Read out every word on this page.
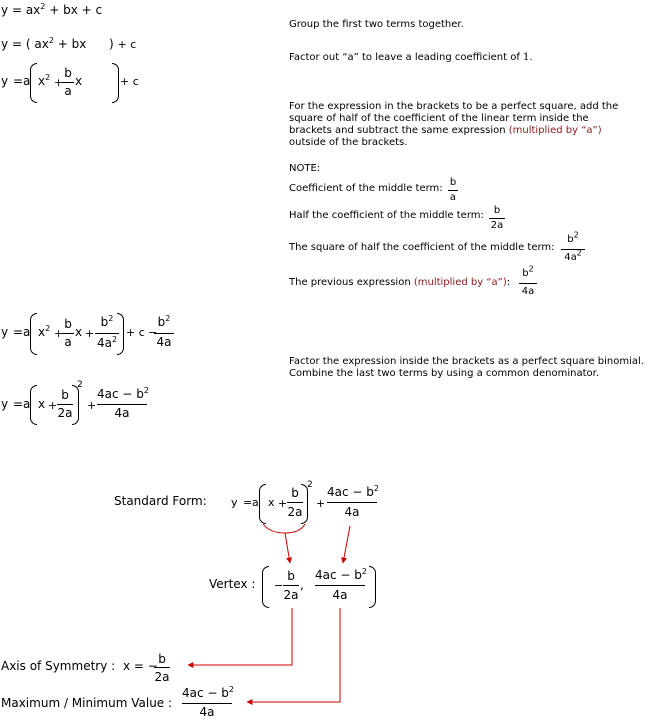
$y = ax^2$ + bx + c
y = ( $ax^2$ + bx ) + c
y = a $x^2$ +
b
a
x	+ c
Group the first two terms together.
Factor out “a” to leave a leading coefficient of 1.
For the expression in the brackets to be a perfect square, add the
square of half of the coefficient of the linear term inside the
brackets and subtract the same expression (multiplied by “a”)
outside of the brackets.
NOTE:
Coefficient of the middle term:
b
a
Half the coefficient of the middle term: b
2a
The square of half the coefficient of the middle term:
$b^2$
$4a^2$
The previous expression (multiplied by “a”):
$b^2$
4a
Factor the expression inside the brackets as a perfect square binomial.
Combine the last two terms by using a common denominator.
y = a $x^2$ +
b
a
x +
$b^2$
$4a^2$
+ c −
$b^2$
4a
y = a x +
b
2a
2
+
$4ac - b^2$
4a
Standard Form: y = a x +
b
2a
2
+
$4ac - b^2$
4a
Vertex : −
b
2a
,
$4ac - b^2$
4a
Axis of Symmetry : x = − b
2a
Maximum / Minimum Value :
$4ac - b^2$
4a
